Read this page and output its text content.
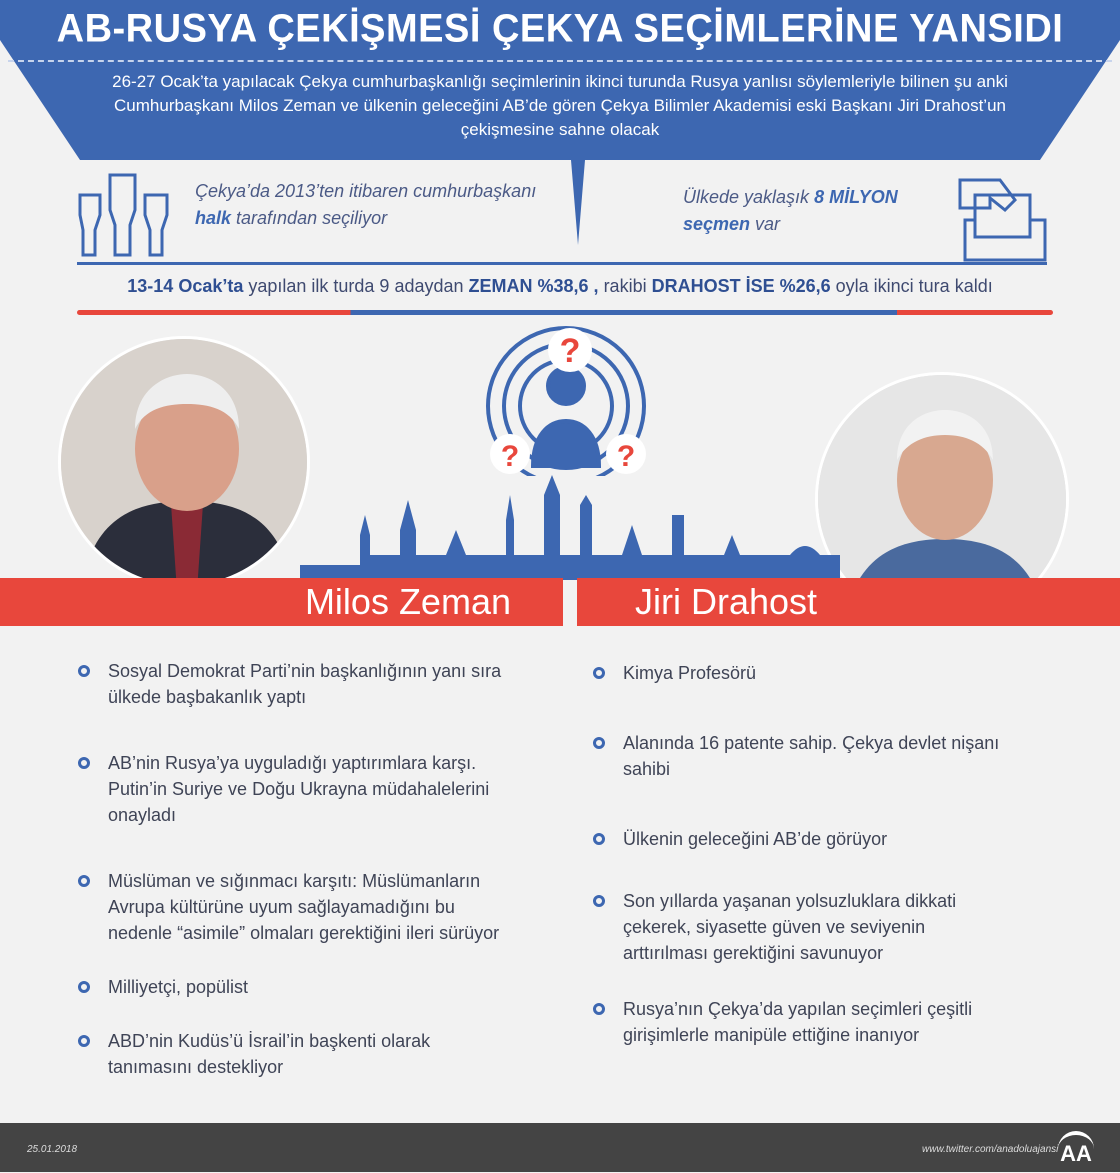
AB-RUSYA ÇEKİŞMESİ ÇEKYA SEÇİMLERİNE YANSIDI
26-27 Ocak’ta yapılacak Çekya cumhurbaşkanlığı seçimlerinin ikinci turunda Rusya yanlısı söylemleriyle bilinen şu anki Cumhurbaşkanı Milos Zeman ve ülkenin geleceğini AB’de gören Çekya Bilimler Akademisi eski Başkanı Jiri Drahost’un çekişmesine sahne olacak
Çekya’da 2013’ten itibaren cumhurbaşkanı halk tarafından seçiliyor
Ülkede yaklaşık 8 MİLYON
seçmen var
13-14 Ocak’ta yapılan ilk turda 9 adaydan ZEMAN %38,6 , rakibi DRAHOST İSE %26,6 oyla ikinci tura kaldı
?
?	?
Milos Zeman	Jiri Drahost
Sosyal Demokrat Parti’nin başkanlığının yanı sıra ülkede başbakanlık yaptı
AB’nin Rusya’ya uyguladığı yaptırımlara karşı. Putin’in Suriye ve Doğu Ukrayna müdahalelerini onayladı
Müslüman ve sığınmacı karşıtı: Müslümanların Avrupa kültürüne uyum sağlayamadığını bu nedenle “asimile” olmaları gerektiğini ileri sürüyor
Milliyetçi, popülist
ABD’nin Kudüs’ü İsrail’in başkenti olarak tanımasını destekliyor
Kimya Profesörü
Alanında 16 patente sahip. Çekya devlet nişanı sahibi
Ülkenin geleceğini AB’de görüyor
Son yıllarda yaşanan yolsuzluklara dikkati çekerek, siyasette güven ve seviyenin arttırılması gerektiğini savunuyor
Rusya’nın Çekya’da yapılan seçimleri çeşitli girişimlerle manipüle ettiğine inanıyor
25.01.2018	www.twitter.com/anadoluajansi AA
